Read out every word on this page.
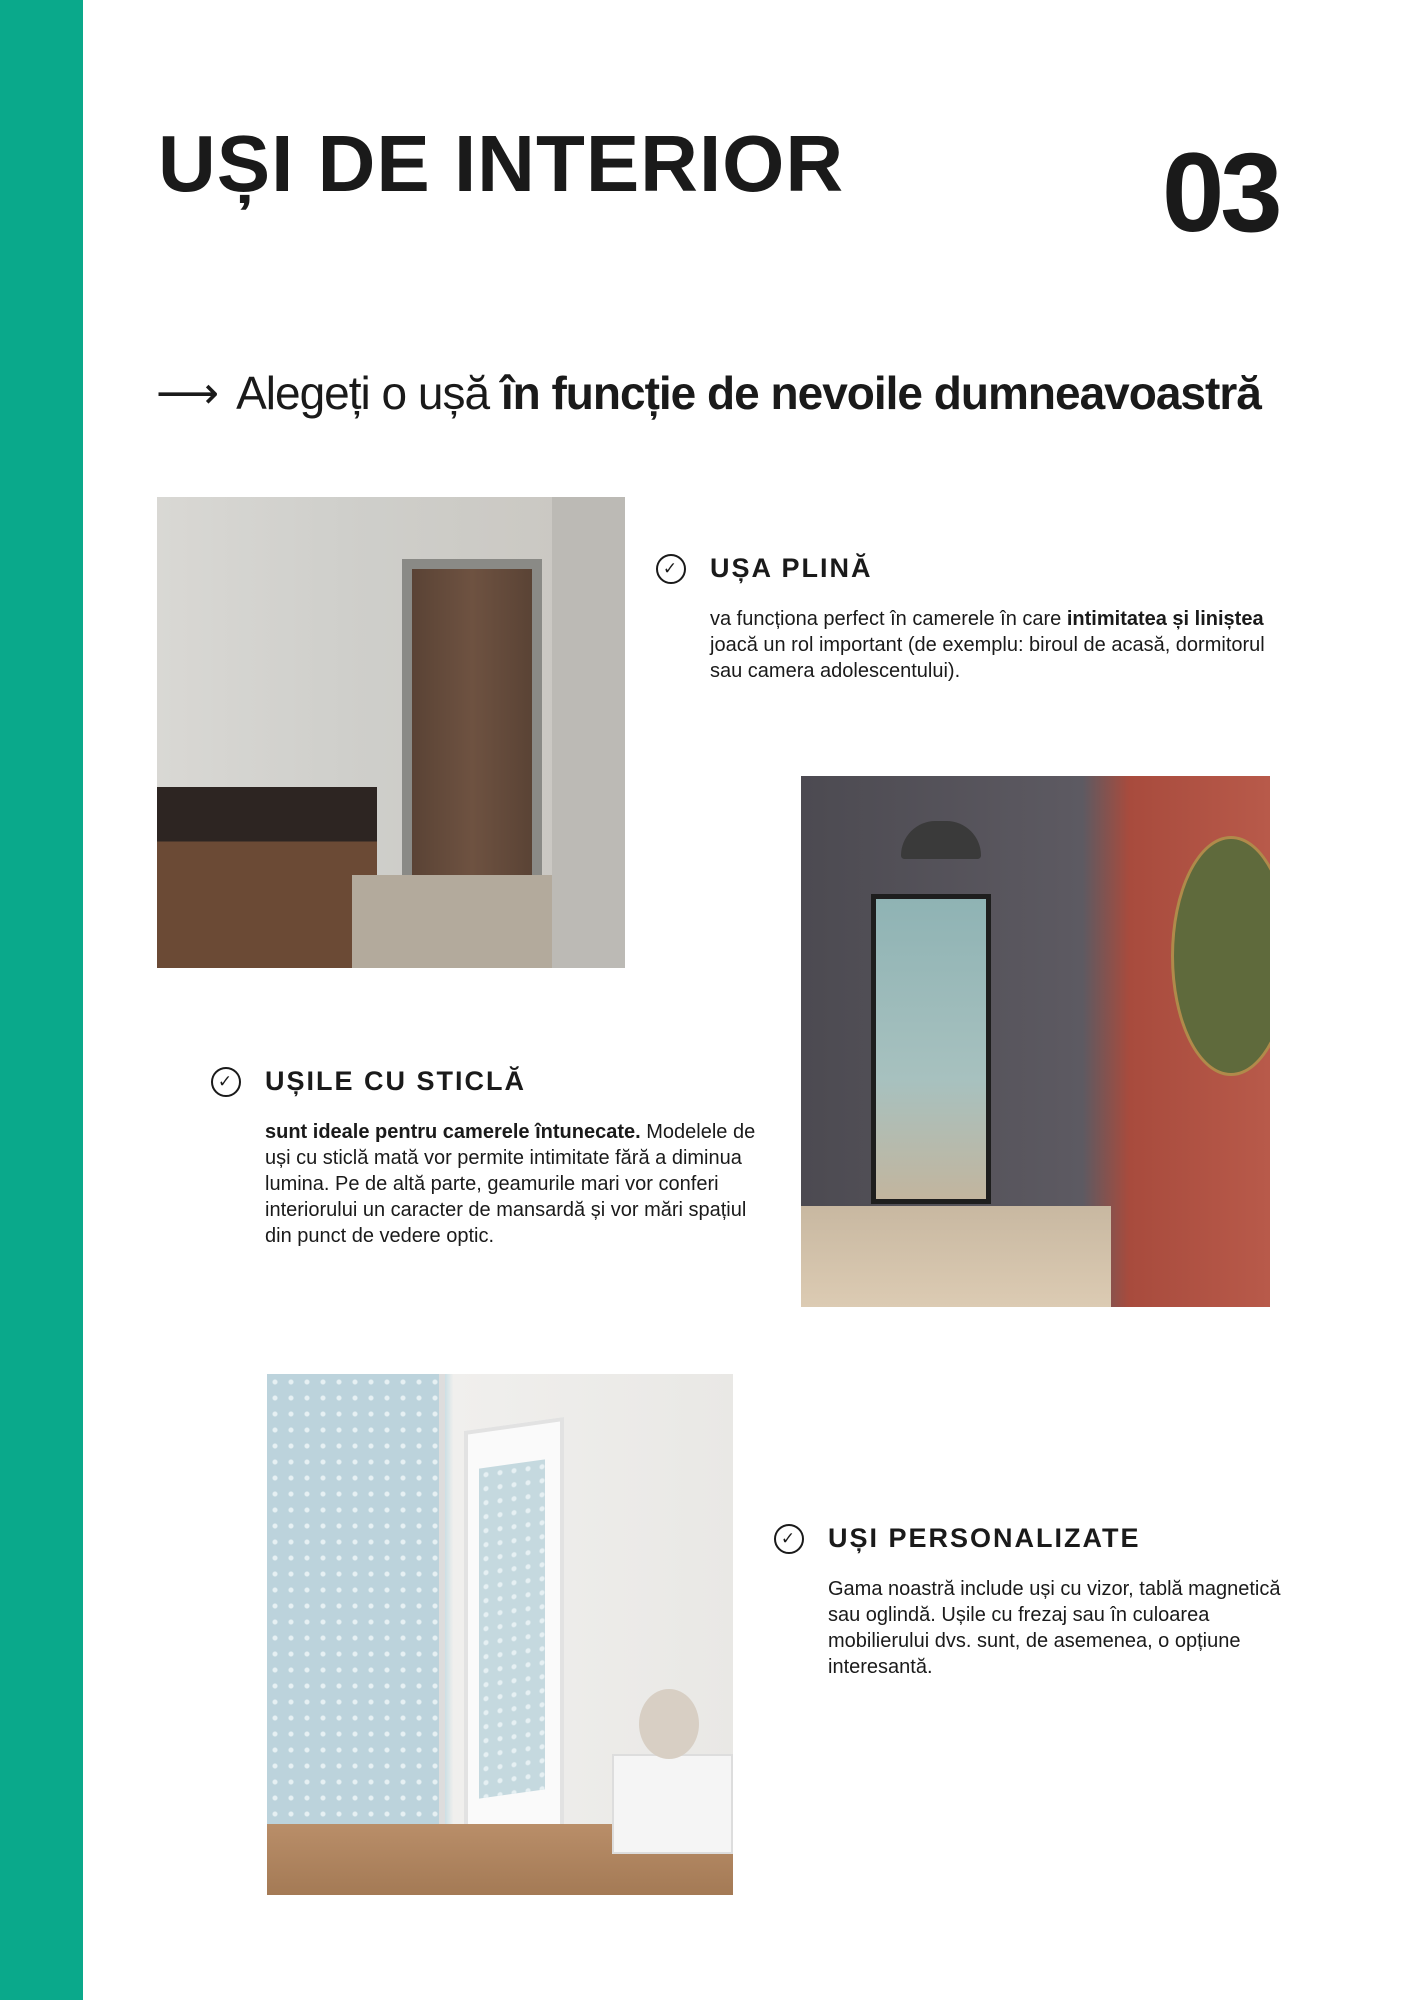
UȘI DE INTERIOR	03
⟶ Alegeți o ușă în funcție de nevoile dumneavoastră
✓ UȘA PLINĂ

va funcționa perfect în camerele în care intimitatea și liniștea joacă un rol important (de exemplu: biroul de acasă, dormitorul sau camera adolescentului).

✓ UȘILE CU STICLĂ

sunt ideale pentru camerele întunecate. Modelele de uși cu sticlă mată vor permite intimitate fără a diminua lumina. Pe de altă parte, geamurile mari vor conferi interiorului un caracter de mansardă și vor mări spațiul din punct de vedere optic.

✓ UȘI PERSONALIZATE

Gama noastră include uși cu vizor, tablă magnetică sau oglindă. Ușile cu frezaj sau în culoarea mobilierului dvs. sunt, de asemenea, o opțiune interesantă.
